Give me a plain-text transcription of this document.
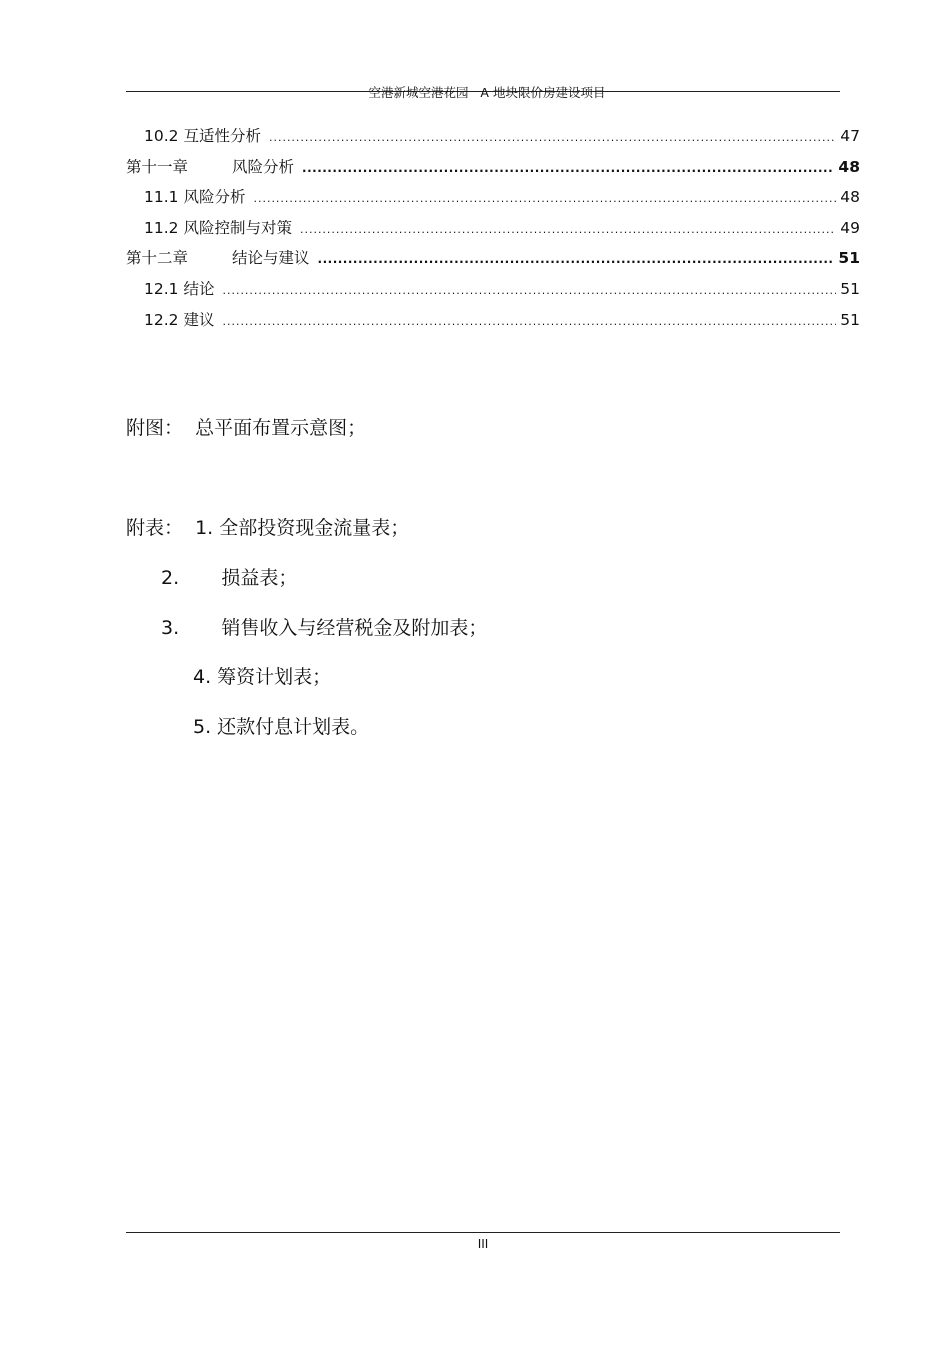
空港新城空港花园   A 地块限价房建设项目

10.2 互适性分析 .....	47
第十一章	风险分析 .....	48
11.1 风险分析 .....	48
11.2 风险控制与对策 .....	49
第十二章	结论与建议 .....	51
12.1 结论 .....	51
12.2 建议 .....	51
附图：  总平面布置示意图；
附表：  1. 全部投资现金流量表；
2.       损益表；
3.       销售收入与经营税金及附加表；
4. 筹资计划表；
5. 还款付息计划表。
III
